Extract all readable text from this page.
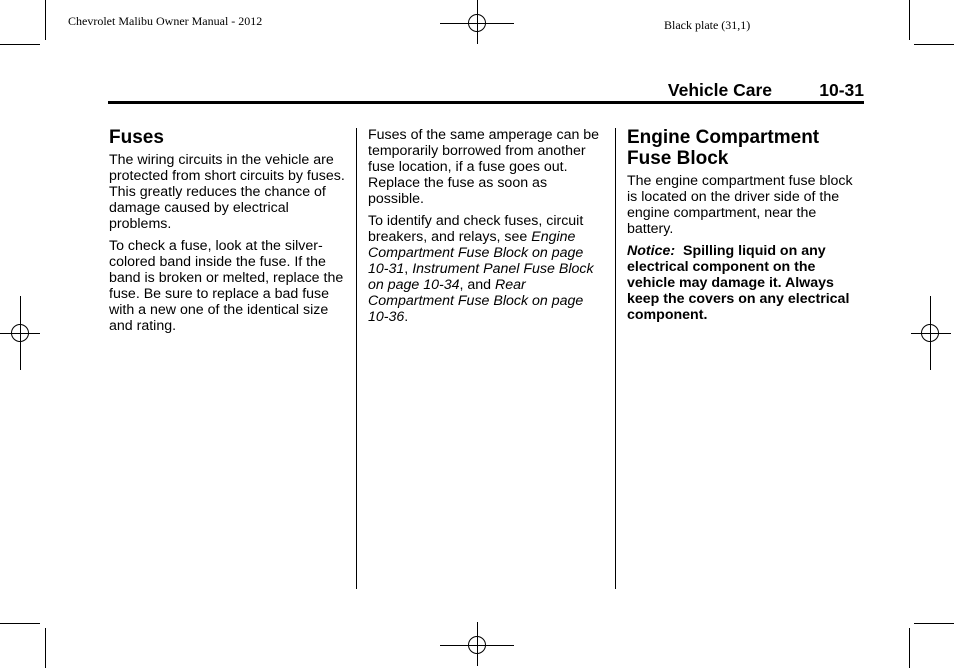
Chevrolet Malibu Owner Manual - 2012	Black plate (31,1)
Vehicle Care	10-31
Fuses

The wiring circuits in the vehicle are protected from short circuits by fuses. This greatly reduces the chance of damage caused by electrical problems.

To check a fuse, look at the silver-colored band inside the fuse. If the band is broken or melted, replace the fuse. Be sure to replace a bad fuse with a new one of the identical size and rating.

Fuses of the same amperage can be temporarily borrowed from another fuse location, if a fuse goes out. Replace the fuse as soon as possible.

To identify and check fuses, circuit breakers, and relays, see Engine Compartment Fuse Block on page 10-31, Instrument Panel Fuse Block on page 10-34, and Rear Compartment Fuse Block on page 10-36.

Engine Compartment Fuse Block

The engine compartment fuse block is located on the driver side of the engine compartment, near the battery.

Notice: Spilling liquid on any electrical component on the vehicle may damage it. Always keep the covers on any electrical component.
